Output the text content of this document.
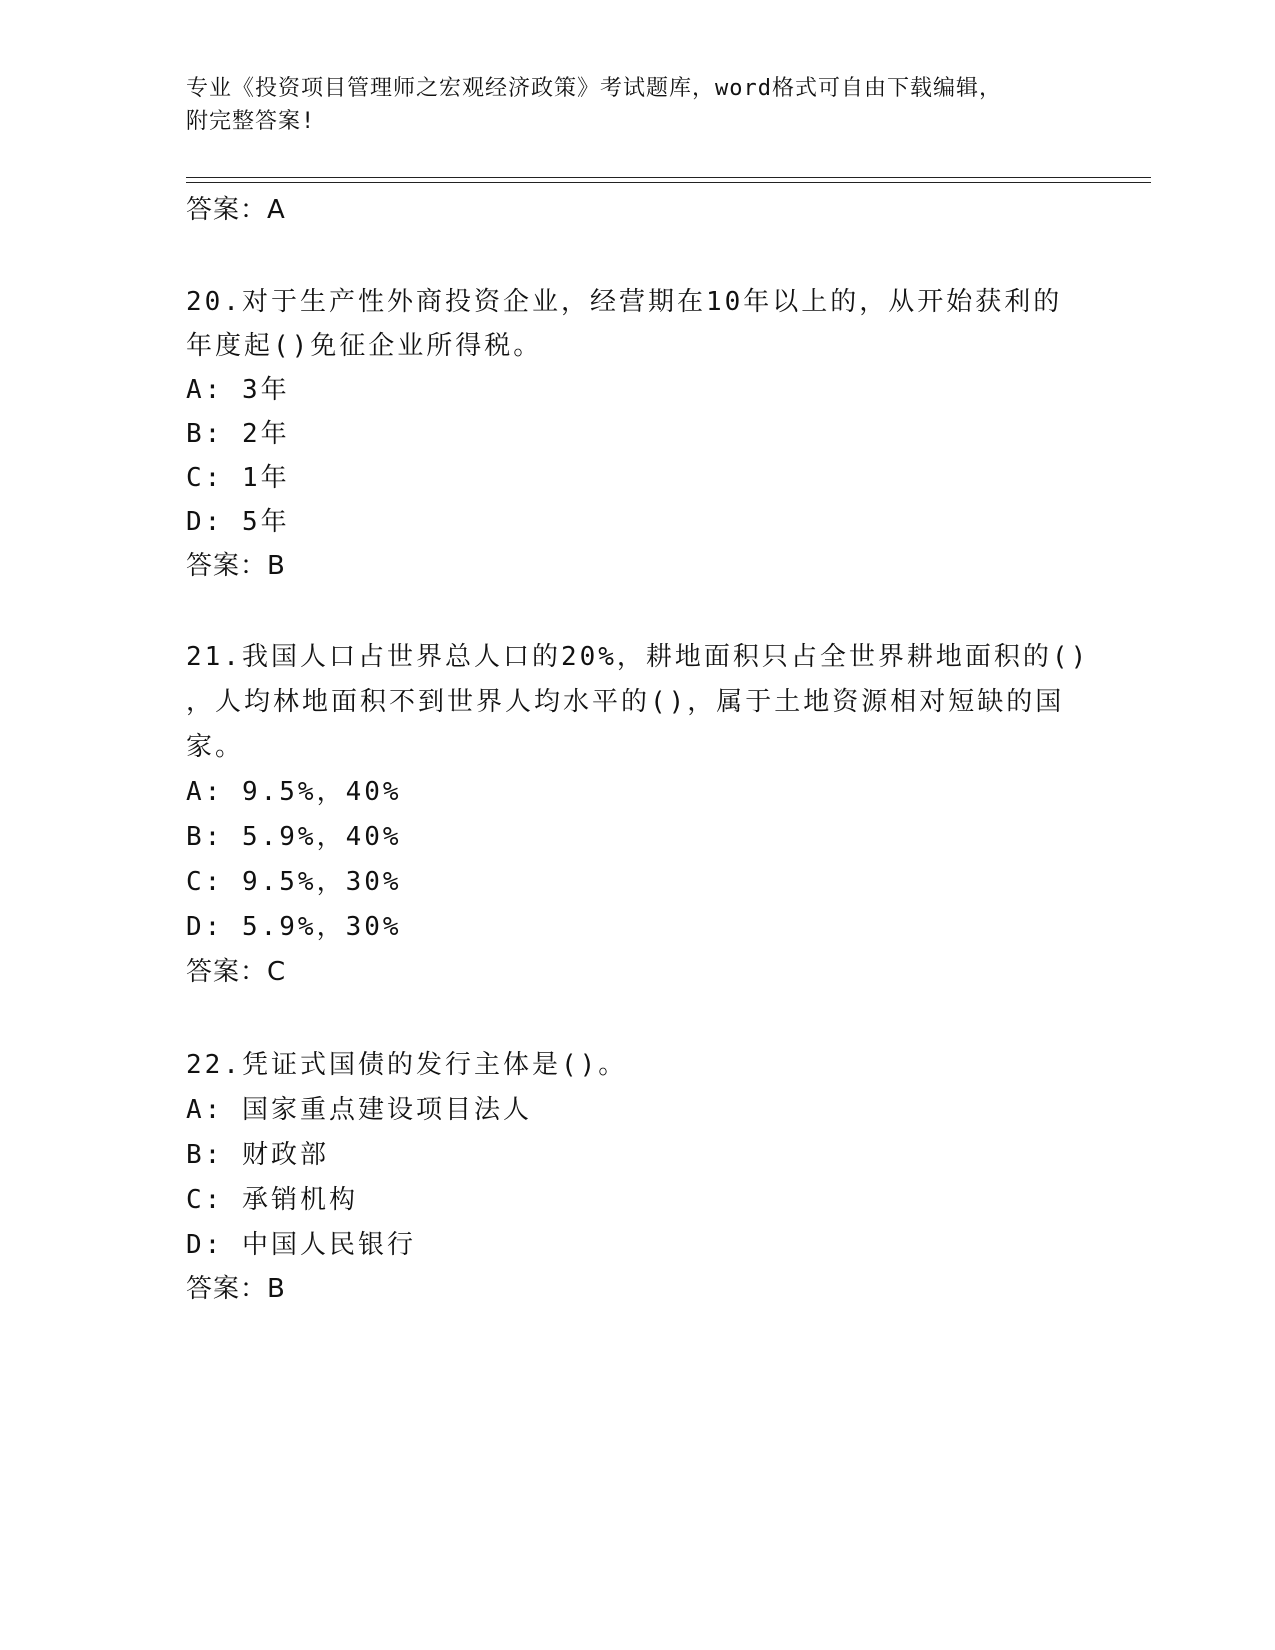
专业《投资项目管理师之宏观经济政策》考试题库，word格式可自由下载编辑，
附完整答案!
答案：A
20.对于生产性外商投资企业，经营期在10年以上的，从开始获利的
年度起()免征企业所得税。
A: 3年
B: 2年
C: 1年
D: 5年
答案：B
21.我国人口占世界总人口的20%，耕地面积只占全世界耕地面积的()
，人均林地面积不到世界人均水平的()，属于土地资源相对短缺的国
家。
A: 9.5%，40%
B: 5.9%，40%
C: 9.5%，30%
D: 5.9%，30%
答案：C
22.凭证式国债的发行主体是()。
A: 国家重点建设项目法人
B: 财政部
C: 承销机构
D: 中国人民银行
答案：B
